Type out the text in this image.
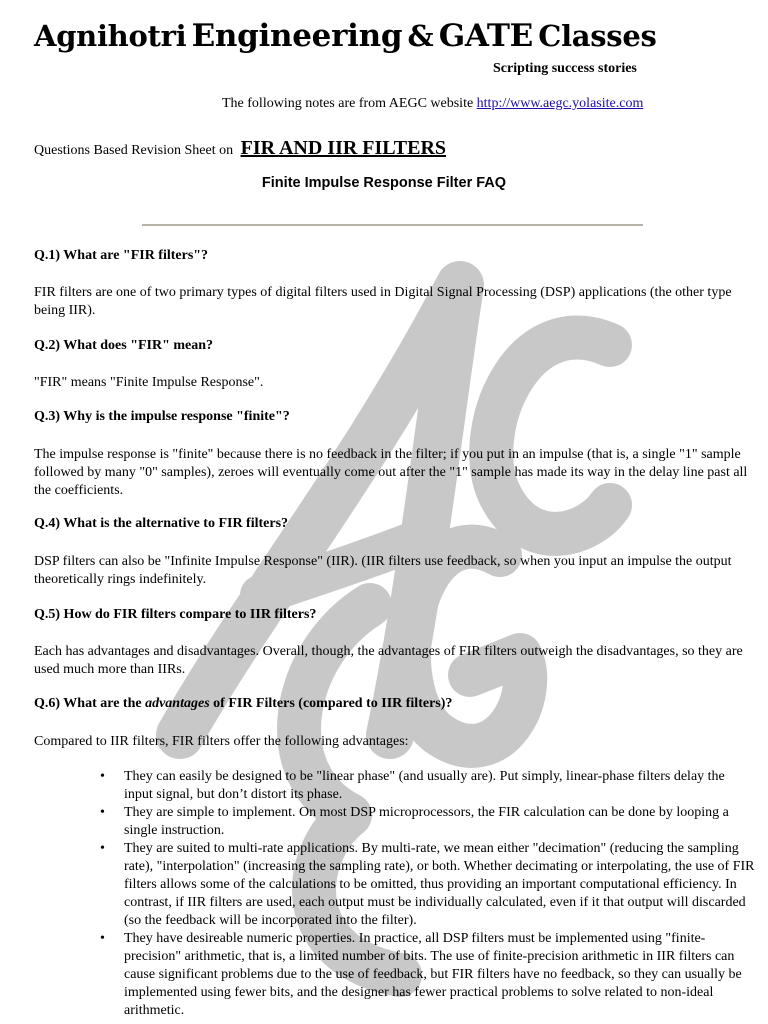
Agnihotri Engineering & GATE Classes
Scripting success stories
The following notes are from AEGC website http://www.aegc.yolasite.com
Questions Based Revision Sheet on FIR AND IIR FILTERS
Finite Impulse Response Filter FAQ
Q.1) What are "FIR filters"?
FIR filters are one of two primary types of digital filters used in Digital Signal Processing (DSP) applications (the other type being IIR).
Q.2) What does "FIR" mean?
"FIR" means "Finite Impulse Response".
Q.3) Why is the impulse response "finite"?
The impulse response is "finite" because there is no feedback in the filter; if you put in an impulse (that is, a single "1" sample followed by many "0" samples), zeroes will eventually come out after the "1" sample has made its way in the delay line past all the coefficients.
Q.4) What is the alternative to FIR filters?
DSP filters can also be "Infinite Impulse Response" (IIR). (IIR filters use feedback, so when you input an impulse the output theoretically rings indefinitely.
Q.5) How do FIR filters compare to IIR filters?
Each has advantages and disadvantages. Overall, though, the advantages of FIR filters outweigh the disadvantages, so they are used much more than IIRs.
Q.6) What are the advantages of FIR Filters (compared to IIR filters)?
Compared to IIR filters, FIR filters offer the following advantages:
• They can easily be designed to be "linear phase" (and usually are). Put simply, linear-phase filters delay the input signal, but don’t distort its phase.
• They are simple to implement. On most DSP microprocessors, the FIR calculation can be done by looping a single instruction.
• They are suited to multi-rate applications. By multi-rate, we mean either "decimation" (reducing the sampling rate), "interpolation" (increasing the sampling rate), or both. Whether decimating or interpolating, the use of FIR filters allows some of the calculations to be omitted, thus providing an important computational efficiency. In contrast, if IIR filters are used, each output must be individually calculated, even if it that output will discarded (so the feedback will be incorporated into the filter).
• They have desireable numeric properties. In practice, all DSP filters must be implemented using "finite-precision" arithmetic, that is, a limited number of bits. The use of finite-precision arithmetic in IIR filters can cause significant problems due to the use of feedback, but FIR filters have no feedback, so they can usually be implemented using fewer bits, and the designer has fewer practical problems to solve related to non-ideal arithmetic.
